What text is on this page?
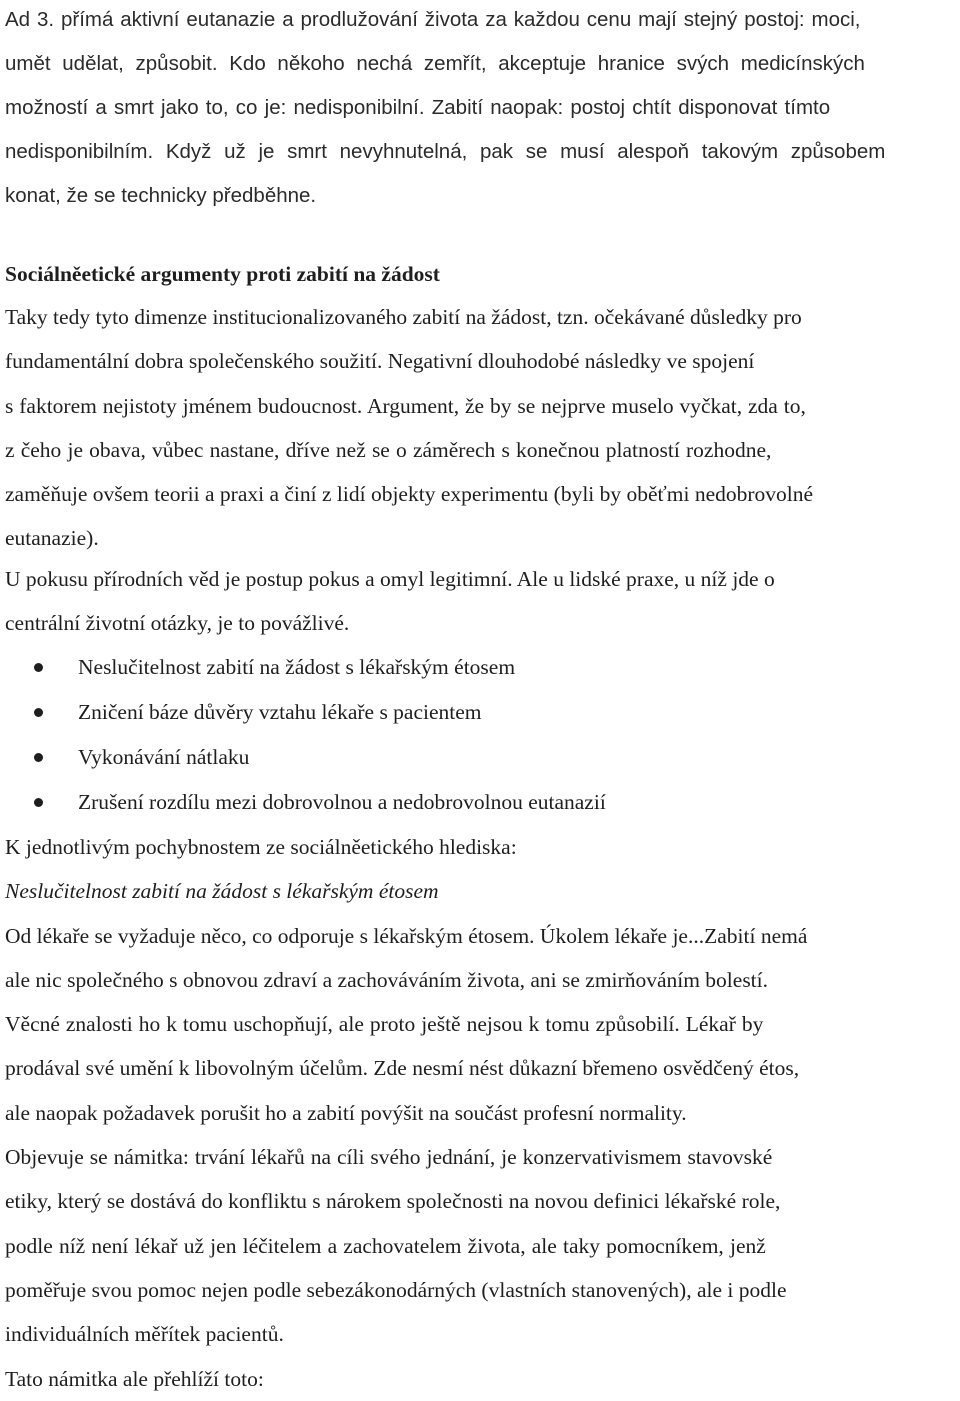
Ad 3. přímá aktivní eutanazie a prodlužování života za každou cenu mají stejný postoj: moci,
umět udělat, způsobit. Kdo někoho nechá zemřít, akceptuje hranice svých medicínských
možností a smrt jako to, co je: nedisponibilní. Zabití naopak: postoj chtít disponovat tímto
nedisponibilním. Když už je smrt nevyhnutelná, pak se musí alespoň takovým způsobem
konat, že se technicky předběhne.
Sociálněetické argumenty proti zabití na žádost
Taky tedy tyto dimenze institucionalizovaného zabití na žádost, tzn. očekávané důsledky pro
fundamentální dobra společenského soužití. Negativní dlouhodobé následky ve spojení
s faktorem nejistoty jménem budoucnost. Argument, že by se nejprve muselo vyčkat, zda to,
z čeho je obava, vůbec nastane, dříve než se o záměrech s konečnou platností rozhodne,
zaměňuje ovšem teorii a praxi a činí z lidí objekty experimentu (byli by oběťmi nedobrovolné
eutanazie).
U pokusu přírodních věd je postup pokus a omyl legitimní. Ale u lidské praxe, u níž jde o
centrální životní otázky, je to povážlivé.
Neslučitelnost zabití na žádost s lékařským étosem
Zničení báze důvěry vztahu lékaře s pacientem
Vykonávání nátlaku
Zrušení rozdílu mezi dobrovolnou a nedobrovolnou eutanazií
K jednotlivým pochybnostem ze sociálněetického hlediska:
Neslučitelnost zabití na žádost s lékařským étosem
Od lékaře se vyžaduje něco, co odporuje s lékařským étosem. Úkolem lékaře je...Zabití nemá
ale nic společného s obnovou zdraví a zachováváním života, ani se zmirňováním bolestí.
Věcné znalosti ho k tomu uschopňují, ale proto ještě nejsou k tomu způsobilí. Lékař by
prodával své umění k libovolným účelům. Zde nesmí nést důkazní břemeno osvědčený étos,
ale naopak požadavek porušit ho a zabití povýšit na součást profesní normality.
Objevuje se námitka: trvání lékařů na cíli svého jednání, je konzervativismem stavovské
etiky, který se dostává do konfliktu s nárokem společnosti na novou definici lékařské role,
podle níž není lékař už jen léčitelem a zachovatelem života, ale taky pomocníkem, jenž
poměřuje svou pomoc nejen podle sebezákonodárných (vlastních stanovených), ale i podle
individuálních měřítek pacientů.
Tato námitka ale přehlíží toto:
